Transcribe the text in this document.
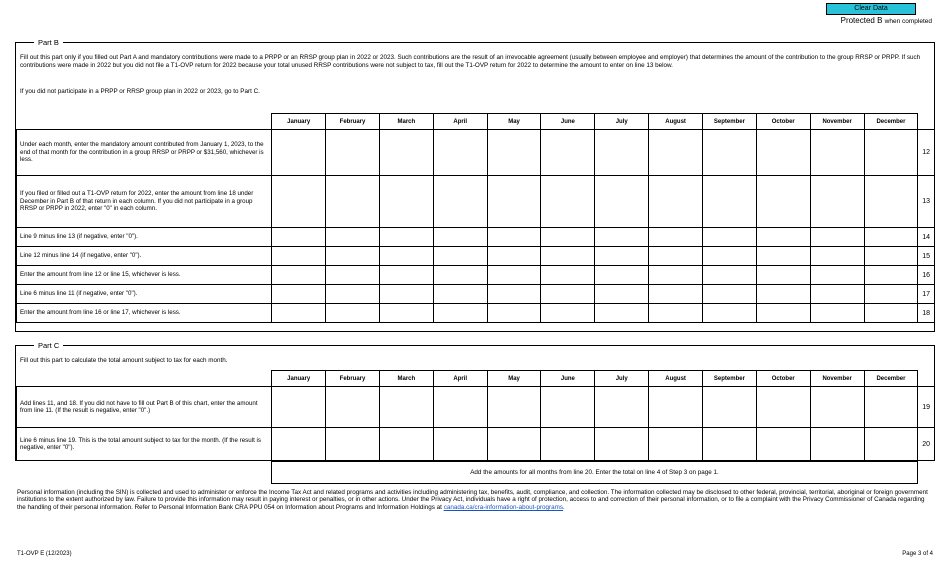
Clear Data
Protected B when completed
Part B
Fill out this part only if you filled out Part A and mandatory contributions were made to a PRPP or an RRSP group plan in 2022 or 2023. Such contributions are the result of an irrevocable agreement (usually between employee and employer) that determines the amount of the contribution to the group RRSP or PRPP. If such contributions were made in 2022 but you did not file a T1-OVP return for 2022 because your total unused RRSP contributions were not subject to tax, fill out the T1-OVP return for 2022 to determine the amount to enter on line 13 below.
If you did not participate in a PRPP or RRSP group plan in 2022 or 2023, go to Part C.
	January	February	March	April	May	June	July	August	September	October	November	December	
Under each month, enter the mandatory amount contributed from January 1, 2023, to the end of that month for the contribution in a group RRSP or PRPP or $31,560, whichever is less.													12
If you filed or filled out a T1-OVP return for 2022, enter the amount from line 18 under December in Part B of that return in each column. If you did not participate in a group RRSP or PRPP in 2022, enter "0" in each column.													13
Line 9 minus line 13 (if negative, enter "0").													14
Line 12 minus line 14 (if negative, enter "0").													15
Enter the amount from line 12 or line 15, whichever is less.													16
Line 6 minus line 11 (if negative, enter "0").													17
Enter the amount from line 16 or line 17, whichever is less.													18
Part C
Fill out this part to calculate the total amount subject to tax for each month.
	January	February	March	April	May	June	July	August	September	October	November	December	
Add lines 11, and 18. If you did not have to fill out Part B of this chart, enter the amount from line 11. (If the result is negative, enter "0".)													19
Line 6 minus line 19. This is the total amount subject to tax for the month. (If the result is negative, enter "0").													20
Add the amounts for all months from line 20. Enter the total on line 4 of Step 3 on page 1.
Personal information (including the SIN) is collected and used to administer or enforce the Income Tax Act and related programs and activities including administering tax, benefits, audit, compliance, and collection. The information collected may be disclosed to other federal, provincial, territorial, aboriginal or foreign government institutions to the extent authorized by law. Failure to provide this information may result in paying interest or penalties, or in other actions. Under the Privacy Act, individuals have a right of protection, access to and correction of their personal information, or to file a complaint with the Privacy Commissioner of Canada regarding the handling of their personal information. Refer to Personal Information Bank CRA PPU 054 on Information about Programs and Information Holdings at canada.ca/cra-information-about-programs.
T1-OVP E (12/2023)	Page 3 of 4
